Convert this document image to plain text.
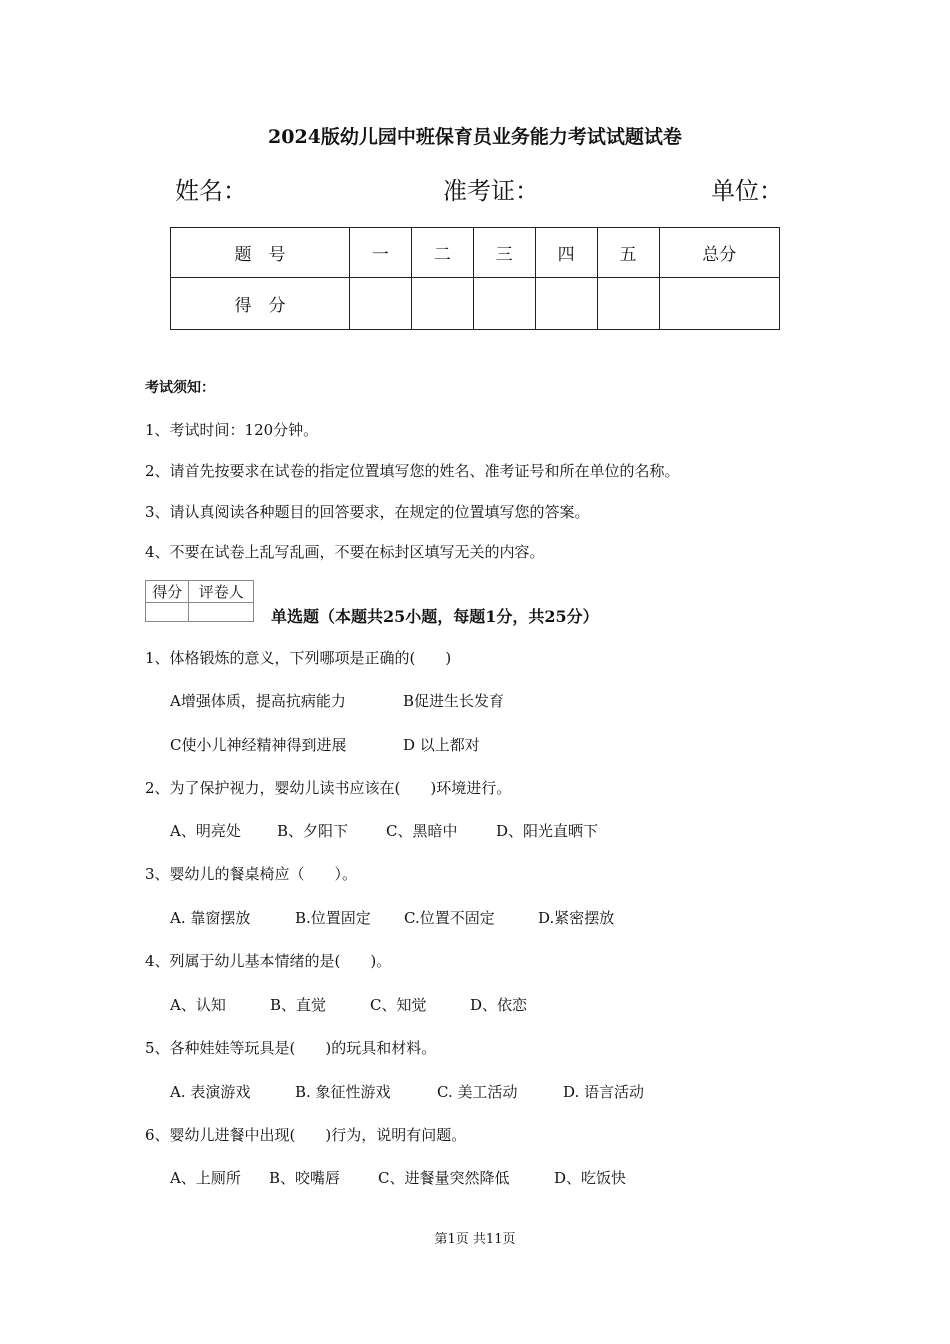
2024版幼儿园中班保育员业务能力考试试题试卷
姓名：	准考证：	单位：
题　号	一	二	三	四	五	总分
得　分						
考试须知：
1、考试时间：120分钟。
2、请首先按要求在试卷的指定位置填写您的姓名、准考证号和所在单位的名称。
3、请认真阅读各种题目的回答要求，在规定的位置填写您的答案。
4、不要在试卷上乱写乱画，不要在标封区填写无关的内容。
得分	评卷人

单选题（本题共25小题，每题1分，共25分）
1、体格锻炼的意义，下列哪项是正确的(　　)
A增强体质，提高抗病能力	B促进生长发育
C使小儿神经精神得到进展	D 以上都对
2、为了保护视力，婴幼儿读书应该在(　　)环境进行。
A、明亮处 B、夕阳下	C、黑暗中	D、阳光直晒下
3、婴幼儿的餐桌椅应（　　）。
A. 靠窗摆放	B.位置固定 C.位置不固定	D.紧密摆放
4、列属于幼儿基本情绪的是(　　)。
A、认知	B、直觉	C、知觉	D、依恋
5、各种娃娃等玩具是(　　)的玩具和材料。
A. 表演游戏	B. 象征性游戏	C. 美工活动	D. 语言活动
6、婴幼儿进餐中出现(　　)行为，说明有问题。
A、上厕所 B、咬嘴唇	C、进餐量突然降低	D、吃饭快
第1页 共11页
